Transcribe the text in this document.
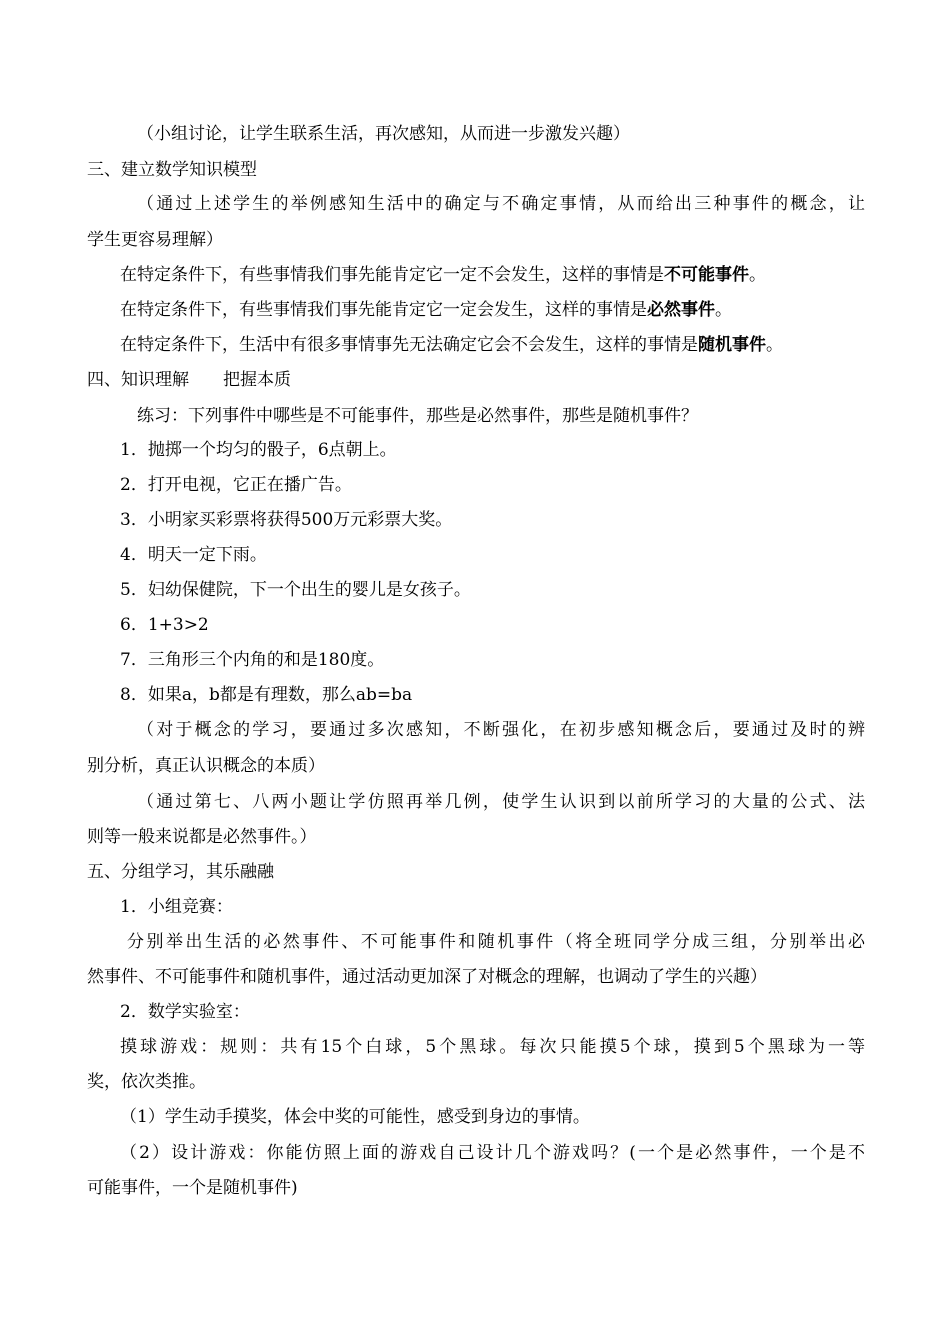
（小组讨论，让学生联系生活，再次感知，从而进一步激发兴趣）
三、建立数学知识模型
（通过上述学生的举例感知生活中的确定与不确定事情，从而给出三种事件的概念，让
学生更容易理解）
在特定条件下，有些事情我们事先能肯定它一定不会发生，这样的事情是不可能事件。
在特定条件下，有些事情我们事先能肯定它一定会发生，这样的事情是必然事件。
在特定条件下，生活中有很多事情事先无法确定它会不会发生，这样的事情是随机事件。
四、知识理解　　把握本质
练习：下列事件中哪些是不可能事件，那些是必然事件，那些是随机事件？
1．抛掷一个均匀的骰子，6点朝上。
2．打开电视，它正在播广告。
3．小明家买彩票将获得500万元彩票大奖。
4．明天一定下雨。
5．妇幼保健院，下一个出生的婴儿是女孩子。
6．1+3>2
7．三角形三个内角的和是180度。
8．如果a，b都是有理数，那么ab=ba
（对于概念的学习，要通过多次感知，不断强化，在初步感知概念后，要通过及时的辨
别分析，真正认识概念的本质）
（通过第七、八两小题让学仿照再举几例，使学生认识到以前所学习的大量的公式、法
则等一般来说都是必然事件。）
五、分组学习，其乐融融
1．小组竞赛：
分别举出生活的必然事件、不可能事件和随机事件（将全班同学分成三组，分别举出必
然事件、不可能事件和随机事件，通过活动更加深了对概念的理解，也调动了学生的兴趣）
2．数学实验室：
摸球游戏：规则：共有15个白球，5个黑球。每次只能摸5个球，摸到5个黑球为一等
奖，依次类推。
（1）学生动手摸奖，体会中奖的可能性，感受到身边的事情。
（2）设计游戏：你能仿照上面的游戏自己设计几个游戏吗？(一个是必然事件，一个是不
可能事件，一个是随机事件)
